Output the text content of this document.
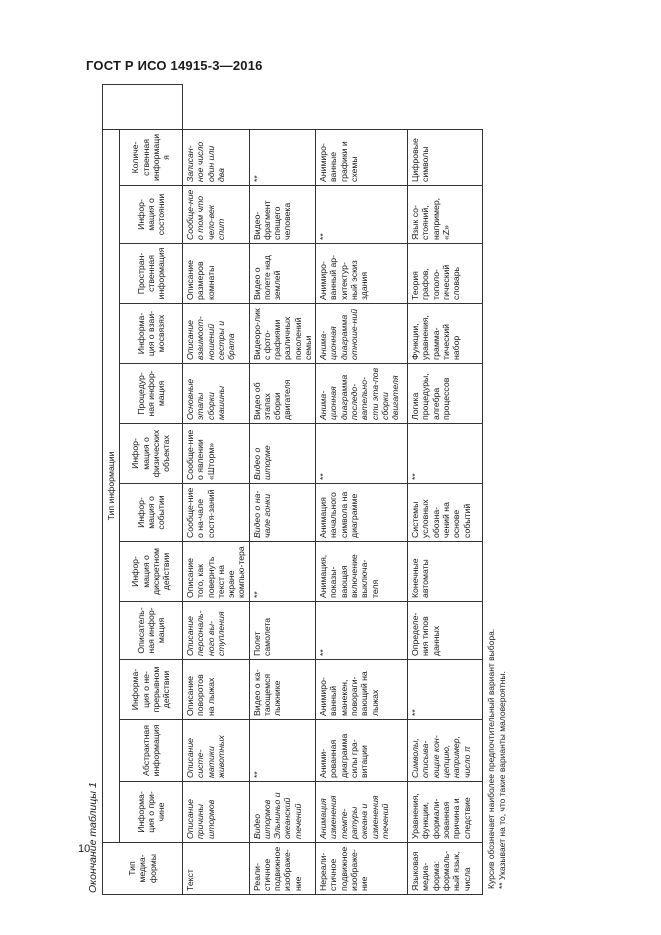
ГОСТ Р ИСО 14915-3—2016
10
Окончание таблицы 1	Тип медиа-формы	Тип информации												
	Информа-ция о при-чине	Абстрактная информация	Информа-ция о не-прерывном действии	Описатель-ная инфор-мация	Инфор-мация о дискретном действии	Инфор-мация о событии	Инфор-мация о физических объектах	Процедур-ная инфор-мация	Информа-ция о взаи-мосвязях	Простран-ственная информация	Инфор-мация о состоянии	Количе-ственная информация	
Текст	Описание причины штормов	Описание систе-матики животных	Описание поворотов на лыжах	Описание персональ-ного вы-ступления	Описание того, как повернуть текст на экране компью-тера	Сообще-ние о на-чале состя-заний	Сообще-ние о явлении «Шторм»	Основные этапы сборки машины	Описание взаимоот-ношений сестры и брата	Описание размеров комнаты	Сообще-ние о том что чело-век спит	Записан-ное число один или два	
Реали-стичное подвижное изображе-ние	Видео штормов Эльниньо и океанский течений	**	Видео о ка-тающемся лыжнике	Полет самолета	**	Видео о на-чале гонки	Видео о шторме	Видео об этапах сборки двигателя	Видеоро-лик с фото-графиями различных поколений семьи	Видео о полете над землей	Видео-фрагмент спящего человека	**	
Нереали-стичное подвижное изображе-ние	Анимация изменения темпе-ратуры океана и изменения течений	Аними-рованная диаграмма силы гра-витации	Анимиро-ванный манекен, повораги-вающий на лыжах	**	Анимация, показы-вающая включение выключа-теля	Анимация начального символа на диаграмме	**	Анима-ционная диаграмма последо-вательно-сти эта-пов сборки двигателя	Анима-ционная диаграмма отноше-ний	Анимиро-ванный ар-хитектур-ный эскиз здания	**	Анимиро-ванные графики и схемы	
Языковая медиа-форма: формаль-ный язык, числа	Уравнения, функции, формали-зованная причина и следствие	Символы, описыва-ющие кон-цепцию, например, число π	**	Определе-ния типов данных	Конечные автоматы	Системы условных обозна-чений на основе событий	**	Логика процедуры, алгебра процессов	Функции, уравнения, грамма-тический набор	Теория графов, тополо-гический словарь	Язык со-стояний, например, «Z»	Цифровые символы	
Курсив обозначает наиболее предпочтительный вариант выбора. ** Указывает на то, что такие варианты маловероятны.
